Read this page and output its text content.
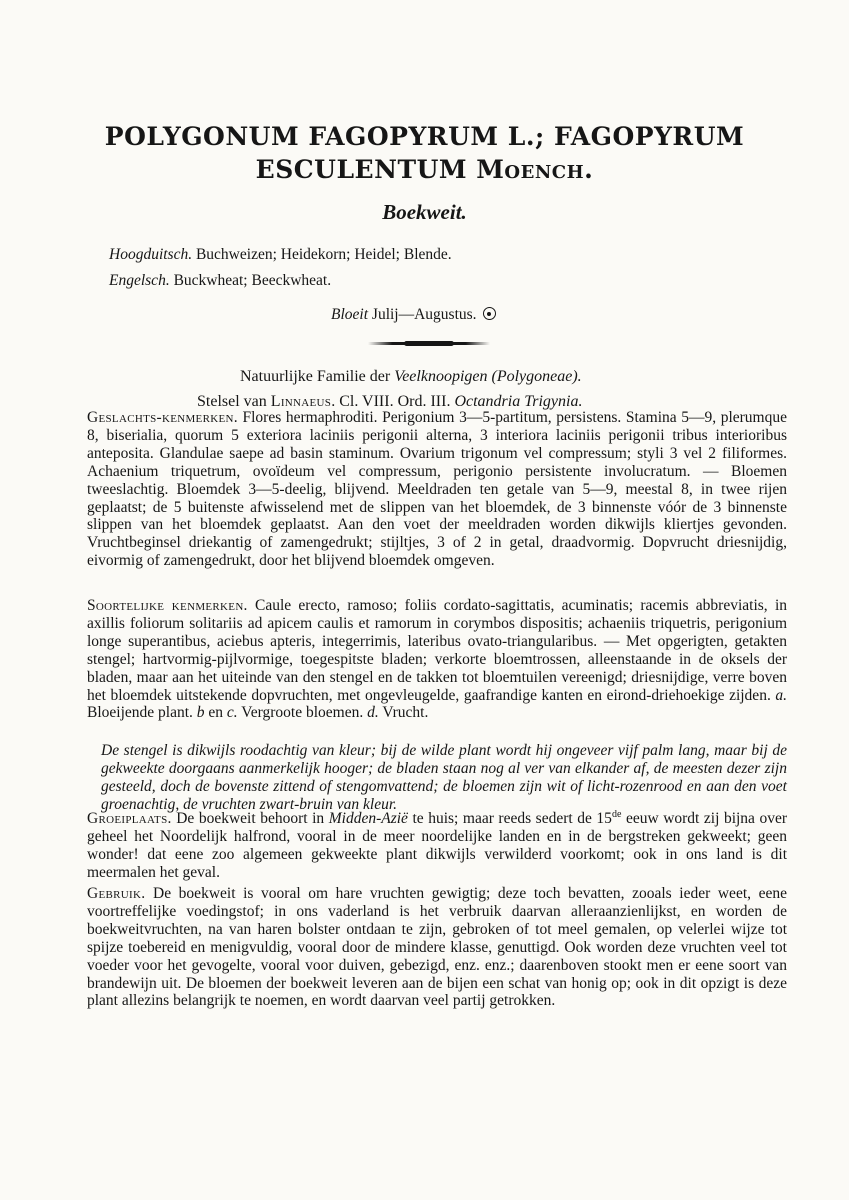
POLYGONUM FAGOPYRUM L.; FAGOPYRUM
ESCULENTUM MOENCH.
Boekweit.
Hoogduitsch. Buchweizen; Heidekorn; Heidel; Blende.
Engelsch. Buckwheat; Beeckwheat.
Bloeit Julij—Augustus.
Natuurlijke Familie der Veelknoopigen (Polygoneae).
Stelsel van Linnaeus. Cl. VIII. Ord. III. Octandria Trigynia.

Geslachts-kenmerken. Flores hermaphroditi. Perigonium 3—5-partitum, persistens. Stamina 5—9, plerumque 8, biserialia, quorum 5 exteriora laciniis perigonii alterna, 3 interiora laciniis perigonii tribus interioribus anteposita. Glandulae saepe ad basin staminum. Ovarium trigonum vel compressum; styli 3 vel 2 filiformes. Achaenium triquetrum, ovoïdeum vel compressum, perigonio persistente involucratum. — Bloemen tweeslachtig. Bloemdek 3—5-deelig, blijvend. Meeldraden ten getale van 5—9, meestal 8, in twee rijen geplaatst; de 5 buitenste afwisselend met de slippen van het bloemdek, de 3 binnenste vóór de 3 binnenste slippen van het bloemdek geplaatst. Aan den voet der meeldraden worden dikwijls kliertjes gevonden. Vruchtbeginsel driekantig of zamengedrukt; stijltjes, 3 of 2 in getal, draadvormig. Dopvrucht driesnijdig, eivormig of zamengedrukt, door het blijvend bloemdek omgeven.

Soortelijke kenmerken. Caule erecto, ramoso; foliis cordato-sagittatis, acuminatis; racemis abbreviatis, in axillis foliorum solitariis ad apicem caulis et ramorum in corymbos dispositis; achaeniis triquetris, perigonium longe superantibus, aciebus apteris, integerrimis, lateribus ovato-triangularibus. — Met opgerigten, getakten stengel; hartvormig-pijlvormige, toegespitste bladen; verkorte bloemtrossen, alleenstaande in de oksels der bladen, maar aan het uiteinde van den stengel en de takken tot bloemtuilen vereenigd; driesnijdige, verre boven het bloemdek uitstekende dopvruchten, met ongevleugelde, gaafrandige kanten en eirond-driehoekige zijden. a. Bloeijende plant. b en c. Vergroote bloemen. d. Vrucht.

De stengel is dikwijls roodachtig van kleur; bij de wilde plant wordt hij ongeveer vijf palm lang, maar bij de gekweekte doorgaans aanmerkelijk hooger; de bladen staan nog al ver van elkander af, de meesten dezer zijn gesteeld, doch de bovenste zittend of stengomvattend; de bloemen zijn wit of licht-rozenrood en aan den voet groenachtig, de vruchten zwart-bruin van kleur.

Groeiplaats. De boekweit behoort in Midden-Azië te huis; maar reeds sedert de 15de eeuw wordt zij bijna over geheel het Noordelijk halfrond, vooral in de meer noordelijke landen en in de bergstreken gekweekt; geen wonder! dat eene zoo algemeen gekweekte plant dikwijls verwilderd voorkomt; ook in ons land is dit meermalen het geval.

Gebruik. De boekweit is vooral om hare vruchten gewigtig; deze toch bevatten, zooals ieder weet, eene voortreffelijke voedingstof; in ons vaderland is het verbruik daarvan alleraanzienlijkst, en worden de boekweitvruchten, na van haren bolster ontdaan te zijn, gebroken of tot meel gemalen, op velerlei wijze tot spijze toebereid en menigvuldig, vooral door de mindere klasse, genuttigd. Ook worden deze vruchten veel tot voeder voor het gevogelte, vooral voor duiven, gebezigd, enz. enz.; daarenboven stookt men er eene soort van brandewijn uit. De bloemen der boekweit leveren aan de bijen een schat van honig op; ook in dit opzigt is deze plant allezins belangrijk te noemen, en wordt daarvan veel partij getrokken.
